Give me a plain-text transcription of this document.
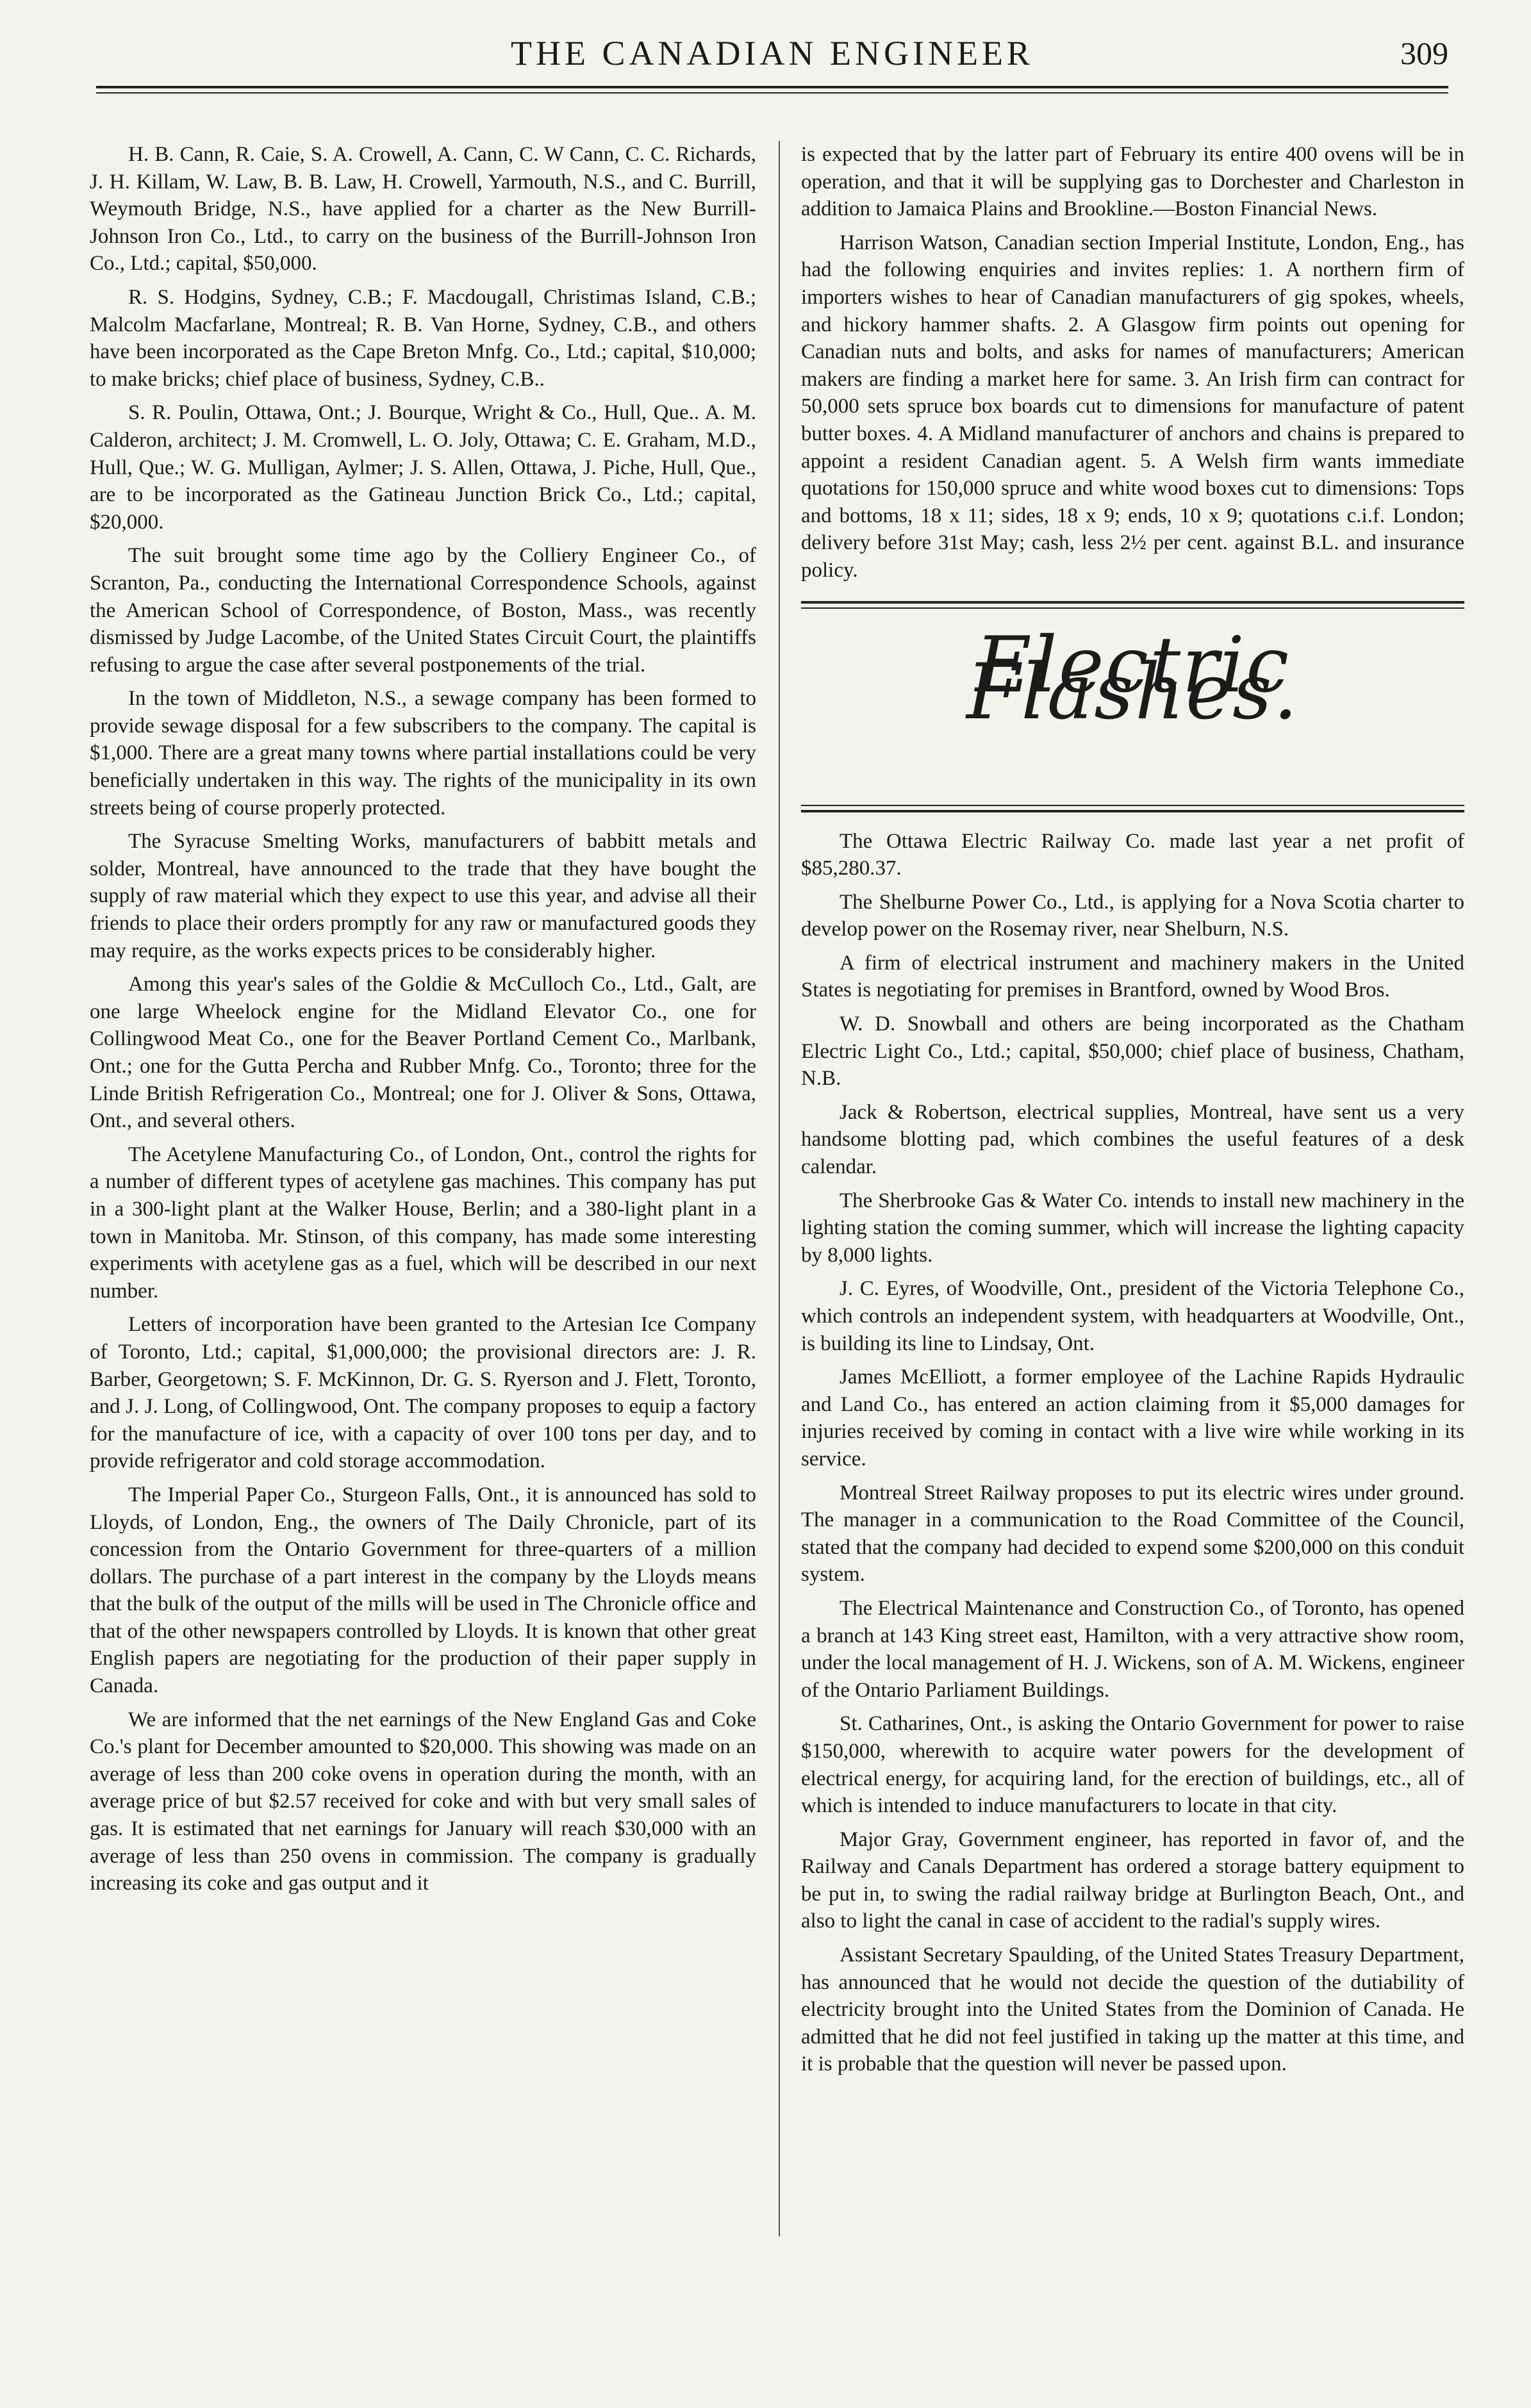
THE CANADIAN ENGINEER	309

H. B. Cann, R. Caie, S. A. Crowell, A. Cann, C. W Cann, C. C. Richards, J. H. Killam, W. Law, B. B. Law, H. Crowell, Yarmouth, N.S., and C. Burrill, Weymouth Bridge, N.S., have applied for a charter as the New Burrill-Johnson Iron Co., Ltd., to carry on the business of the Burrill-Johnson Iron Co., Ltd.; capital, $50,000.

R. S. Hodgins, Sydney, C.B.; F. Macdougall, Christimas Island, C.B.; Malcolm Macfarlane, Montreal; R. B. Van Horne, Sydney, C.B., and others have been incorporated as the Cape Breton Mnfg. Co., Ltd.; capital, $10,000; to make bricks; chief place of business, Sydney, C.B..

S. R. Poulin, Ottawa, Ont.; J. Bourque, Wright & Co., Hull, Que.. A. M. Calderon, architect; J. M. Cromwell, L. O. Joly, Ottawa; C. E. Graham, M.D., Hull, Que.; W. G. Mulligan, Aylmer; J. S. Allen, Ottawa, J. Piche, Hull, Que., are to be incorporated as the Gatineau Junction Brick Co., Ltd.; capital, $20,000.

The suit brought some time ago by the Colliery Engineer Co., of Scranton, Pa., conducting the International Correspondence Schools, against the American School of Correspondence, of Boston, Mass., was recently dismissed by Judge Lacombe, of the United States Circuit Court, the plaintiffs refusing to argue the case after several postponements of the trial.

In the town of Middleton, N.S., a sewage company has been formed to provide sewage disposal for a few subscribers to the company. The capital is $1,000. There are a great many towns where partial installations could be very beneficially undertaken in this way. The rights of the municipality in its own streets being of course properly protected.

The Syracuse Smelting Works, manufacturers of babbitt metals and solder, Montreal, have announced to the trade that they have bought the supply of raw material which they expect to use this year, and advise all their friends to place their orders promptly for any raw or manufactured goods they may require, as the works expects prices to be considerably higher.

Among this year's sales of the Goldie & McCulloch Co., Ltd., Galt, are one large Wheelock engine for the Midland Elevator Co., one for Collingwood Meat Co., one for the Beaver Portland Cement Co., Marlbank, Ont.; one for the Gutta Percha and Rubber Mnfg. Co., Toronto; three for the Linde British Refrigeration Co., Montreal; one for J. Oliver & Sons, Ottawa, Ont., and several others.

The Acetylene Manufacturing Co., of London, Ont., control the rights for a number of different types of acetylene gas machines. This company has put in a 300-light plant at the Walker House, Berlin; and a 380-light plant in a town in Manitoba. Mr. Stinson, of this company, has made some interesting experiments with acetylene gas as a fuel, which will be described in our next number.

Letters of incorporation have been granted to the Artesian Ice Company of Toronto, Ltd.; capital, $1,000,000; the provisional directors are: J. R. Barber, Georgetown; S. F. McKinnon, Dr. G. S. Ryerson and J. Flett, Toronto, and J. J. Long, of Collingwood, Ont. The company proposes to equip a factory for the manufacture of ice, with a capacity of over 100 tons per day, and to provide refrigerator and cold storage accommodation.

The Imperial Paper Co., Sturgeon Falls, Ont., it is announced has sold to Lloyds, of London, Eng., the owners of The Daily Chronicle, part of its concession from the Ontario Government for three-quarters of a million dollars. The purchase of a part interest in the company by the Lloyds means that the bulk of the output of the mills will be used in The Chronicle office and that of the other newspapers controlled by Lloyds. It is known that other great English papers are negotiating for the production of their paper supply in Canada.

We are informed that the net earnings of the New England Gas and Coke Co.'s plant for December amounted to $20,000. This showing was made on an average of less than 200 coke ovens in operation during the month, with an average price of but $2.57 received for coke and with but very small sales of gas. It is estimated that net earnings for January will reach $30,000 with an average of less than 250 ovens in commission. The company is gradually increasing its coke and gas output and it

is expected that by the latter part of February its entire 400 ovens will be in operation, and that it will be supplying gas to Dorchester and Charleston in addition to Jamaica Plains and Brookline.—Boston Financial News.

Harrison Watson, Canadian section Imperial Institute, London, Eng., has had the following enquiries and invites replies: 1. A northern firm of importers wishes to hear of Canadian manufacturers of gig spokes, wheels, and hickory hammer shafts. 2. A Glasgow firm points out opening for Canadian nuts and bolts, and asks for names of manufacturers; American makers are finding a market here for same. 3. An Irish firm can contract for 50,000 sets spruce box boards cut to dimensions for manufacture of patent butter boxes. 4. A Midland manufacturer of anchors and chains is prepared to appoint a resident Canadian agent. 5. A Welsh firm wants immediate quotations for 150,000 spruce and white wood boxes cut to dimensions: Tops and bottoms, 18 x 11; sides, 18 x 9; ends, 10 x 9; quotations c.i.f. London; delivery before 31st May; cash, less 2½ per cent. against B.L. and insurance policy.

Electric Flashes.

The Ottawa Electric Railway Co. made last year a net profit of $85,280.37.

The Shelburne Power Co., Ltd., is applying for a Nova Scotia charter to develop power on the Rosemay river, near Shelburn, N.S.

A firm of electrical instrument and machinery makers in the United States is negotiating for premises in Brantford, owned by Wood Bros.

W. D. Snowball and others are being incorporated as the Chatham Electric Light Co., Ltd.; capital, $50,000; chief place of business, Chatham, N.B.

Jack & Robertson, electrical supplies, Montreal, have sent us a very handsome blotting pad, which combines the useful features of a desk calendar.

The Sherbrooke Gas & Water Co. intends to install new machinery in the lighting station the coming summer, which will increase the lighting capacity by 8,000 lights.

J. C. Eyres, of Woodville, Ont., president of the Victoria Telephone Co., which controls an independent system, with headquarters at Woodville, Ont., is building its line to Lindsay, Ont.

James McElliott, a former employee of the Lachine Rapids Hydraulic and Land Co., has entered an action claiming from it $5,000 damages for injuries received by coming in contact with a live wire while working in its service.

Montreal Street Railway proposes to put its electric wires under ground. The manager in a communication to the Road Committee of the Council, stated that the company had decided to expend some $200,000 on this conduit system.

The Electrical Maintenance and Construction Co., of Toronto, has opened a branch at 143 King street east, Hamilton, with a very attractive show room, under the local management of H. J. Wickens, son of A. M. Wickens, engineer of the Ontario Parliament Buildings.

St. Catharines, Ont., is asking the Ontario Government for power to raise $150,000, wherewith to acquire water powers for the development of electrical energy, for acquiring land, for the erection of buildings, etc., all of which is intended to induce manufacturers to locate in that city.

Major Gray, Government engineer, has reported in favor of, and the Railway and Canals Department has ordered a storage battery equipment to be put in, to swing the radial railway bridge at Burlington Beach, Ont., and also to light the canal in case of accident to the radial's supply wires.

Assistant Secretary Spaulding, of the United States Treasury Department, has announced that he would not decide the question of the dutiability of electricity brought into the United States from the Dominion of Canada. He admitted that he did not feel justified in taking up the matter at this time, and it is probable that the question will never be passed upon.
